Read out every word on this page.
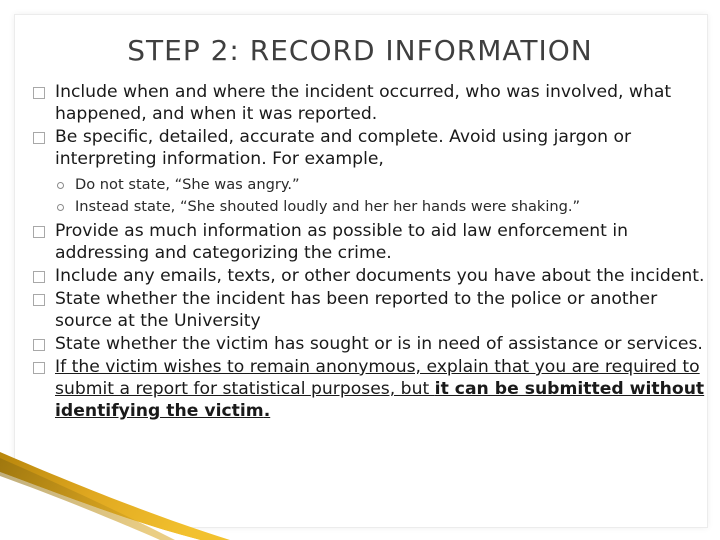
STEP 2: RECORD INFORMATION

Include when and where the incident occurred, who was involved, what happened, and when it was reported.

Be specific, detailed, accurate and complete. Avoid using jargon or interpreting information. For example,

Do not state, “She was angry.”

Instead state, “She shouted loudly and her her hands were shaking.”

Provide as much information as possible to aid law enforcement in addressing and categorizing the crime.

Include any emails, texts, or other documents you have about the incident.

State whether the incident has been reported to the police or another source at the University

State whether the victim has sought or is in need of assistance or services.

If the victim wishes to remain anonymous, explain that you are required to submit a report for statistical purposes, but it can be submitted without identifying the victim.
